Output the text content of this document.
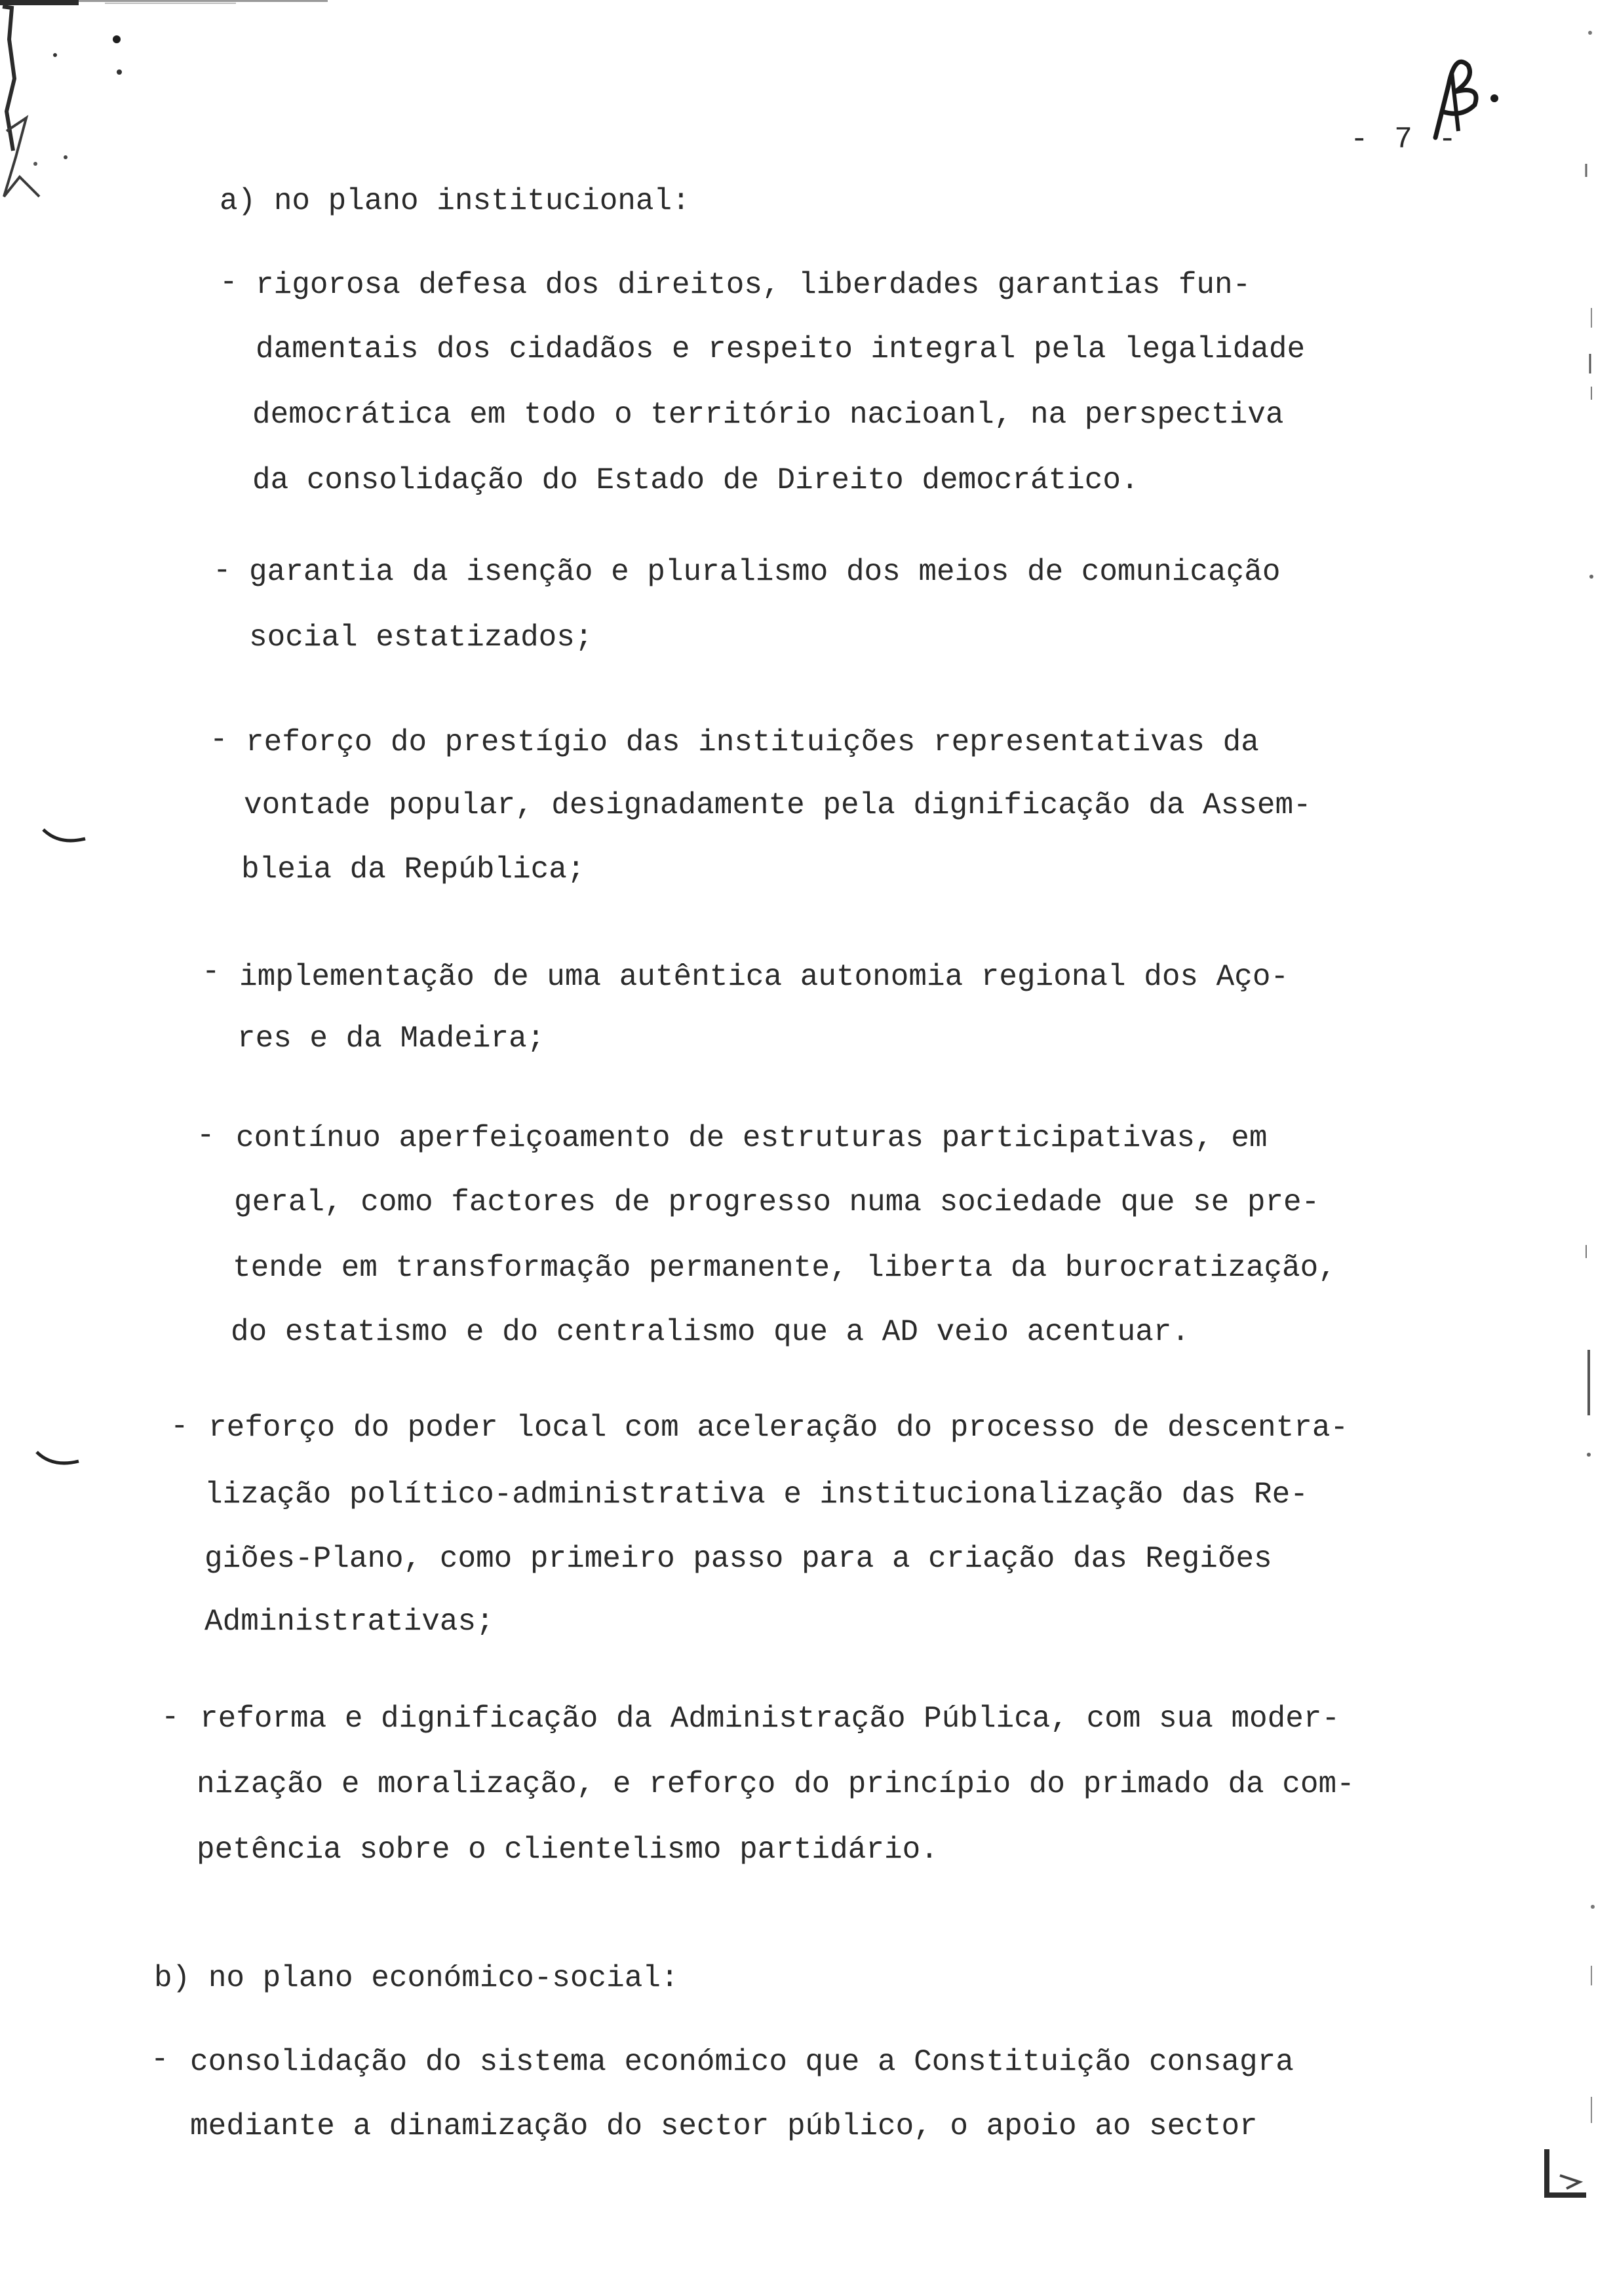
- 7 -
a) no plano institucional:
- rigorosa defesa dos direitos, liberdades garantias fun-
damentais dos cidadãos e respeito integral pela legalidade
democrática em todo o território nacioanl, na perspectiva
da consolidação do Estado de Direito democrático.
- garantia da isenção e pluralismo dos meios de comunicação
social estatizados;
- reforço do prestígio das instituições representativas da
vontade popular, designadamente pela dignificação da Assem-
bleia da República;
- implementação de uma autêntica autonomia regional dos Aço-
res e da Madeira;
- contínuo aperfeiçoamento de estruturas participativas, em
geral, como factores de progresso numa sociedade que se pre-
tende em transformação permanente, liberta da burocratização,
do estatismo e do centralismo que a AD veio acentuar.
- reforço do poder local com aceleração do processo de descentra-
lização político-administrativa e institucionalização das Re-
giões-Plano, como primeiro passo para a criação das Regiões
Administrativas;
- reforma e dignificação da Administração Pública, com sua moder-
nização e moralização, e reforço do princípio do primado da com-
petência sobre o clientelismo partidário.
b) no plano económico-social:
- consolidação do sistema económico que a Constituição consagra
mediante a dinamização do sector público, o apoio ao sector
